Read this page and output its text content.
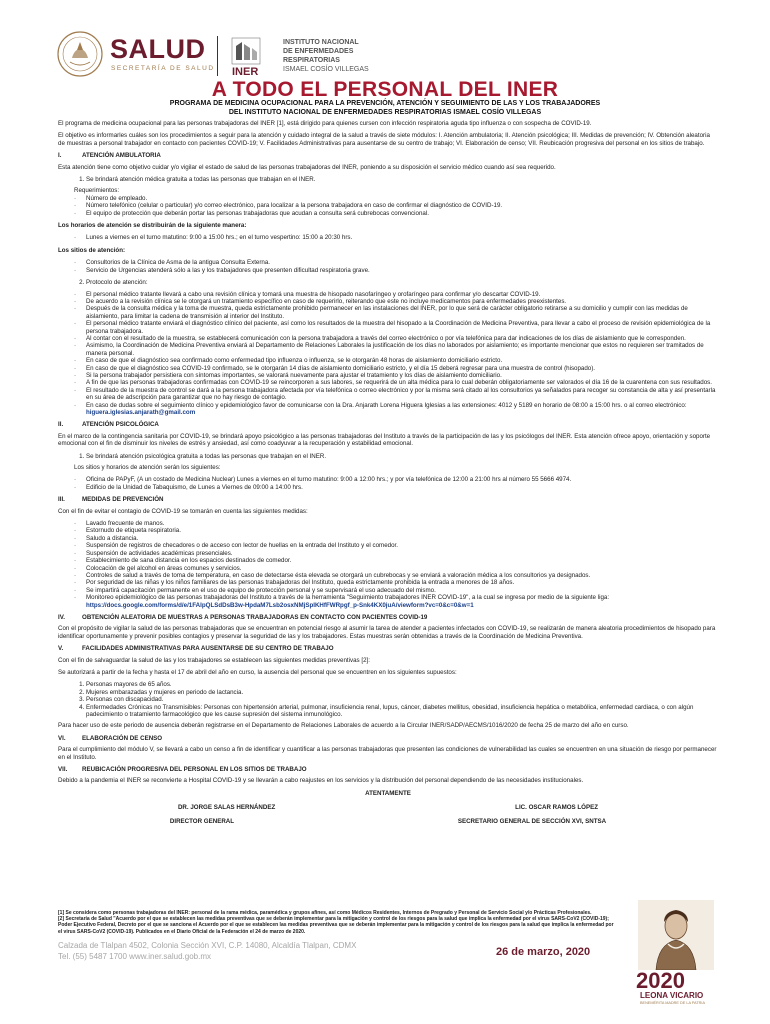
SALUD
SECRETARÍA DE SALUD INER
INSTITUTO NACIONAL
DE ENFERMEDADES
RESPIRATORIAS
ISMAEL COSÍO VILLEGAS
A TODO EL PERSONAL DEL INER
PROGRAMA DE MEDICINA OCUPACIONAL PARA LA PREVENCIÓN, ATENCIÓN Y SEGUIMIENTO DE LAS Y LOS TRABAJADORES
DEL INSTITUTO NACIONAL DE ENFERMEDADES RESPIRATORIAS ISMAEL COSÍO VILLEGAS

El programa de medicina ocupacional para las personas trabajadoras del INER [1], está dirigido para quienes cursen con infección respiratoria aguda tipo influenza o con sospecha de COVID-19.

El objetivo es informarles cuáles son los procedimientos a seguir para la atención y cuidado integral de la salud a través de siete módulos: I. Atención ambulatoria; II. Atención psicológica; III. Medidas de prevención; IV. Obtención aleatoria de muestras a personal trabajador en contacto con pacientes COVID-19; V. Facilidades Administrativas para ausentarse de su centro de trabajo; VI. Elaboración de censo; VII. Reubicación progresiva del personal en los sitios de trabajo.

I.	ATENCIÓN AMBULATORIA

Esta atención tiene como objetivo cuidar y/o vigilar el estado de salud de las personas trabajadoras del INER, poniendo a su disposición el servicio médico cuando así sea requerido.

1. Se brindará atención médica gratuita a todas las personas que trabajan en el INER.
Requerimientos:
· Número de empleado.
· Número telefónico (celular o particular) y/o correo electrónico, para localizar a la persona trabajadora en caso de confirmar el diagnóstico de COVID-19.
· El equipo de protección que deberán portar las personas trabajadoras que acudan a consulta será cubrebocas convencional.

Los horarios de atención se distribuirán de la siguiente manera:

· Lunes a viernes en el turno matutino: 9:00 a 15:00 hrs.; en el turno vespertino: 15:00 a 20:30 hrs.

Los sitios de atención:

· Consultorios de la Clínica de Asma de la antigua Consulta Externa.
· Servicio de Urgencias atenderá sólo a las y los trabajadores que presenten dificultad respiratoria grave.
2. Protocolo de atención:
· El personal médico tratante llevará a cabo una revisión clínica y tomará una muestra de hisopado nasofaríngeo y orofaríngeo para confirmar y/o descartar COVID-19.
· De acuerdo a la revisión clínica se le otorgará un tratamiento específico en caso de requerirlo, reiterando que este no incluye medicamentos para enfermedades preexistentes.
· Después de la consulta médica y la toma de muestra, queda estrictamente prohibido permanecer en las instalaciones del INER, por lo que será de carácter obligatorio retirarse a su domicilio y cumplir con las medidas de aislamiento, para limitar la cadena de transmisión al interior del Instituto.
· El personal médico tratante enviará el diagnóstico clínico del paciente, así como los resultados de la muestra del hisopado a la Coordinación de Medicina Preventiva, para llevar a cabo el proceso de revisión epidemiológica de la persona trabajadora.
· Al contar con el resultado de la muestra, se establecerá comunicación con la persona trabajadora a través del correo electrónico o por vía telefónica para dar indicaciones de los días de aislamiento que le corresponden.
· Asimismo, la Coordinación de Medicina Preventiva enviará al Departamento de Relaciones Laborales la justificación de los días no laborados por aislamiento; es importante mencionar que estos no requieren ser tramitados de manera personal.
· En caso de que el diagnóstico sea confirmado como enfermedad tipo influenza o influenza, se le otorgarán 48 horas de aislamiento domiciliario estricto.
· En caso de que el diagnóstico sea COVID-19 confirmado, se le otorgarán 14 días de aislamiento domiciliario estricto, y el día 15 deberá regresar para una muestra de control (hisopado).
· Si la persona trabajador persistiera con síntomas importantes, se valorará nuevamente para ajustar el tratamiento y los días de aislamiento domiciliario.
· A fin de que las personas trabajadoras confirmadas con COVID-19 se reincorporen a sus labores, se requerirá de un alta médica para lo cual deberán obligatoriamente ser valorados el día 16 de la cuarentena con sus resultados.
· El resultado de la muestra de control se dará a la persona trabajadora afectada por vía telefónica o correo electrónico y por la misma será citado al los consultorios ya señalados para recoger su constancia de alta y así presentarla en su área de adscripción para garantizar que no hay riesgo de contagio.
· En caso de dudas sobre el seguimiento clínico y epidemiológico favor de comunicarse con la Dra. Anjarath Lorena Higuera Iglesias a las extensiones: 4012 y 5189 en horario de 08:00 a 15:00 hrs. o al correo electrónico: higuera.iglesias.anjarath@gmail.com
II.	ATENCIÓN PSICOLÓGICA

En el marco de la contingencia sanitaria por COVID-19, se brindará apoyo psicológico a las personas trabajadoras del Instituto a través de la participación de las y los psicólogos del INER. Esta atención ofrece apoyo, orientación y soporte emocional con el fin de disminuir los niveles de estrés y ansiedad, así como coadyuvar a la recuperación y estabilidad emocional.

1. Se brindará atención psicológica gratuita a todas las personas que trabajan en el INER.

Los sitios y horarios de atención serán los siguientes:

· Oficina de PAPyF, (A un costado de Medicina Nuclear) Lunes a viernes en el turno matutino: 9:00 a 12:00 hrs.; y por vía telefónica de 12:00 a 21:00 hrs al número 55 5666 4974.
· Edificio de la Unidad de Tabaquismo, de Lunes a Viernes de 09:00 a 14:00 hrs.
III.	MEDIDAS DE PREVENCIÓN

Con el fin de evitar el contagio de COVID-19 se tomarán en cuenta las siguientes medidas:

· Lavado frecuente de manos.
· Estornudo de etiqueta respiratoria.
· Saludo a distancia.
· Suspensión de registros de checadores o de acceso con lector de huellas en la entrada del Instituto y el comedor.
· Suspensión de actividades académicas presenciales.
· Establecimiento de sana distancia en los espacios destinados de comedor.
· Colocación de gel alcohol en áreas comunes y servicios.
· Controles de salud a través de toma de temperatura, en caso de detectarse ésta elevada se otorgará un cubrebocas y se enviará a valoración médica a los consultorios ya designados.
· Por seguridad de las niñas y los niños familiares de las personas trabajadoras del Instituto, queda estrictamente prohibida la entrada a menores de 18 años.
· Se impartirá capacitación permanente en el uso de equipo de protección personal y se supervisará el uso adecuado del mismo.
· Monitoreo epidemiológico de las personas trabajadoras del Instituto a través de la herramienta "Seguimiento trabajadores INER COVID-19", a la cual se ingresa por medio de la siguiente liga: https://docs.google.com/forms/d/e/1FAIpQLSdDsB3w-HpdaM7Lsb2osxNMjSpIKHfFWRpgf_p-Snk4KX0juA/viewform?vc=0&c=0&w=1
IV.	OBTENCIÓN ALEATORIA DE MUESTRAS A PERSONAS TRABAJADORAS EN CONTACTO CON PACIENTES COVID-19

Con el propósito de vigilar la salud de las personas trabajadoras que se encuentran en potencial riesgo al asumir la tarea de atender a pacientes infectados con COVID-19, se realizarán de manera aleatoria procedimientos de hisopado para identificar oportunamente y prevenir posibles contagios y preservar la seguridad de las y los trabajadores. Estas muestras serán obtenidas a través de la Coordinación de Medicina Preventiva.

V.	FACILIDADES ADMINISTRATIVAS PARA AUSENTARSE DE SU CENTRO DE TRABAJO

Con el fin de salvaguardar la salud de las y los trabajadores se establecen las siguientes medidas preventivas [2]:

Se autorizará a partir de la fecha y hasta el 17 de abril del año en curso, la ausencia del personal que se encuentren en los siguientes supuestos:

1. Personas mayores de 65 años.
2. Mujeres embarazadas y mujeres en periodo de lactancia.
3. Personas con discapacidad.
4. Enfermedades Crónicas no Transmisibles: Personas con hipertensión arterial, pulmonar, insuficiencia renal, lupus, cáncer, diabetes mellitus, obesidad, insuficiencia hepática o metabólica, enfermedad cardiaca, o con algún padecimiento o tratamiento farmacológico que les cause supresión del sistema inmunológico.

Para hacer uso de este periodo de ausencia deberán registrarse en el Departamento de Relaciones Laborales de acuerdo a la Circular INER/SADP/AECMS/1016/2020 de fecha 25 de marzo del año en curso.

VI.	ELABORACIÓN DE CENSO

Para el cumplimiento del módulo V, se llevará a cabo un censo a fin de identificar y cuantificar a las personas trabajadoras que presenten las condiciones de vulnerabilidad las cuales se encuentren en una situación de riesgo por permanecer en el Instituto.

VII.	REUBICACIÓN PROGRESIVA DEL PERSONAL EN LOS SITIOS DE TRABAJO

Debido a la pandemia el INER se reconvierte a Hospital COVID-19 y se llevarán a cabo reajustes en los servicios y la distribución del personal dependiendo de las necesidades institucionales.

ATENTAMENTE
DR. JORGE SALAS HERNÁNDEZ	LIC. OSCAR RAMOS LÓPEZ
DIRECTOR GENERAL	SECRETARIO GENERAL DE SECCIÓN XVI, SNTSA
[1] Se considera como personas trabajadoras del INER: personal de la rama médica, paramédica y grupos afines, así como Médicos Residentes, Internos de Pregrado y Personal de Servicio Social y/o Prácticas Profesionales.
[2] Secretaría de Salud "Acuerdo por el que se establecen las medidas preventivas que se deberán implementar para la mitigación y control de los riesgos para la salud que implica la enfermedad por el virus SARS-CoV2 (COVID-19); Poder Ejecutivo Federal, Decreto por el que se sanciona el Acuerdo por el que se establecen las medidas preventivas que se deberán implementar para la mitigación y control de los riesgos para la salud que implica la enfermedad por el virus SARS-CoV2 (COVID-19). Publicados en el Diario Oficial de la Federación el 24 de marzo de 2020.
Calzada de Tlalpan 4502, Colonia Sección XVI, C.P. 14080, Alcaldía Tlalpan, CDMX
Tel. (55) 5487 1700 www.iner.salud.gob.mx	26 de marzo, 2020
2020
LEONA VICARIO
BENEMÉRITA MADRE DE LA PATRIA
